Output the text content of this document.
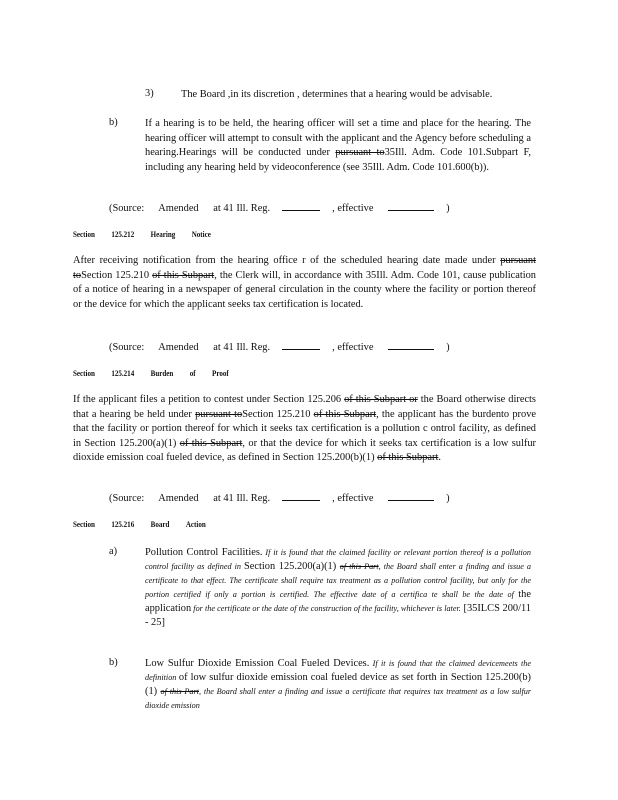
3)	The Board ,in its discretion , determines that a hearing would be advisable.
b)	If a hearing is to be held, the hearing officer will set a time and place for the hearing. The hearing officer will attempt to consult with the applicant and the Agency before scheduling a hearing.Hearings will be conducted under pursuant to35Ill. Adm. Code 101.Subpart F, including any hearing held by videoconference (see 35Ill. Adm. Code 101.600(b)).
(Source: Amended at 41 Ill. Reg.	, effective	)
Section 125.212 Hearing Notice
After receiving notification from the hearing office r of the scheduled hearing date made under pursuant toSection 125.210 of this Subpart, the Clerk will, in accordance with 35Ill. Adm. Code 101, cause publication of a notice of hearing in a newspaper of general circulation in the county where the facility or portion thereof or the device for which the applicant seeks tax certification is located.
(Source: Amended at 41 Ill. Reg.	, effective	)
Section 125.214 Burden of Proof
If the applicant files a petition to contest under Section 125.206 of this Subpart or the Board otherwise directs that a hearing be held under pursuant toSection 125.210 of this Subpart, the applicant has the burdento prove that the facility or portion thereof for which it seeks tax certification is a pollution c ontrol facility, as defined in Section 125.200(a)(1) of this Subpart, or that the device for which it seeks tax certification is a low sulfur dioxide emission coal fueled device, as defined in Section 125.200(b)(1) of this Subpart.
(Source: Amended at 41 Ill. Reg.	, effective	)
Section 125.216 Board Action
a)	Pollution Control Facilities. If it is found that the claimed facility or relevant portion thereof is a pollution control facility as defined in Section 125.200(a)(1) of this Part, the Board shall enter a finding and issue a certificate to that effect. The certificate shall require tax treatment as a pollution control facility, but only for the portion certified if only a portion is certified. The effective date of a certifica te shall be the date of the application for the certificate or the date of the construction of the facility, whichever is later. [35ILCS 200/11 - 25]
b)	Low Sulfur Dioxide Emission Coal Fueled Devices. If it is found that the claimed devicemeets the definition of low sulfur dioxide emission coal fueled device as set forth in Section 125.200(b)(1) of this Part, the Board shall enter a finding and issue a certificate that requires tax treatment as a low sulfur dioxide emission
